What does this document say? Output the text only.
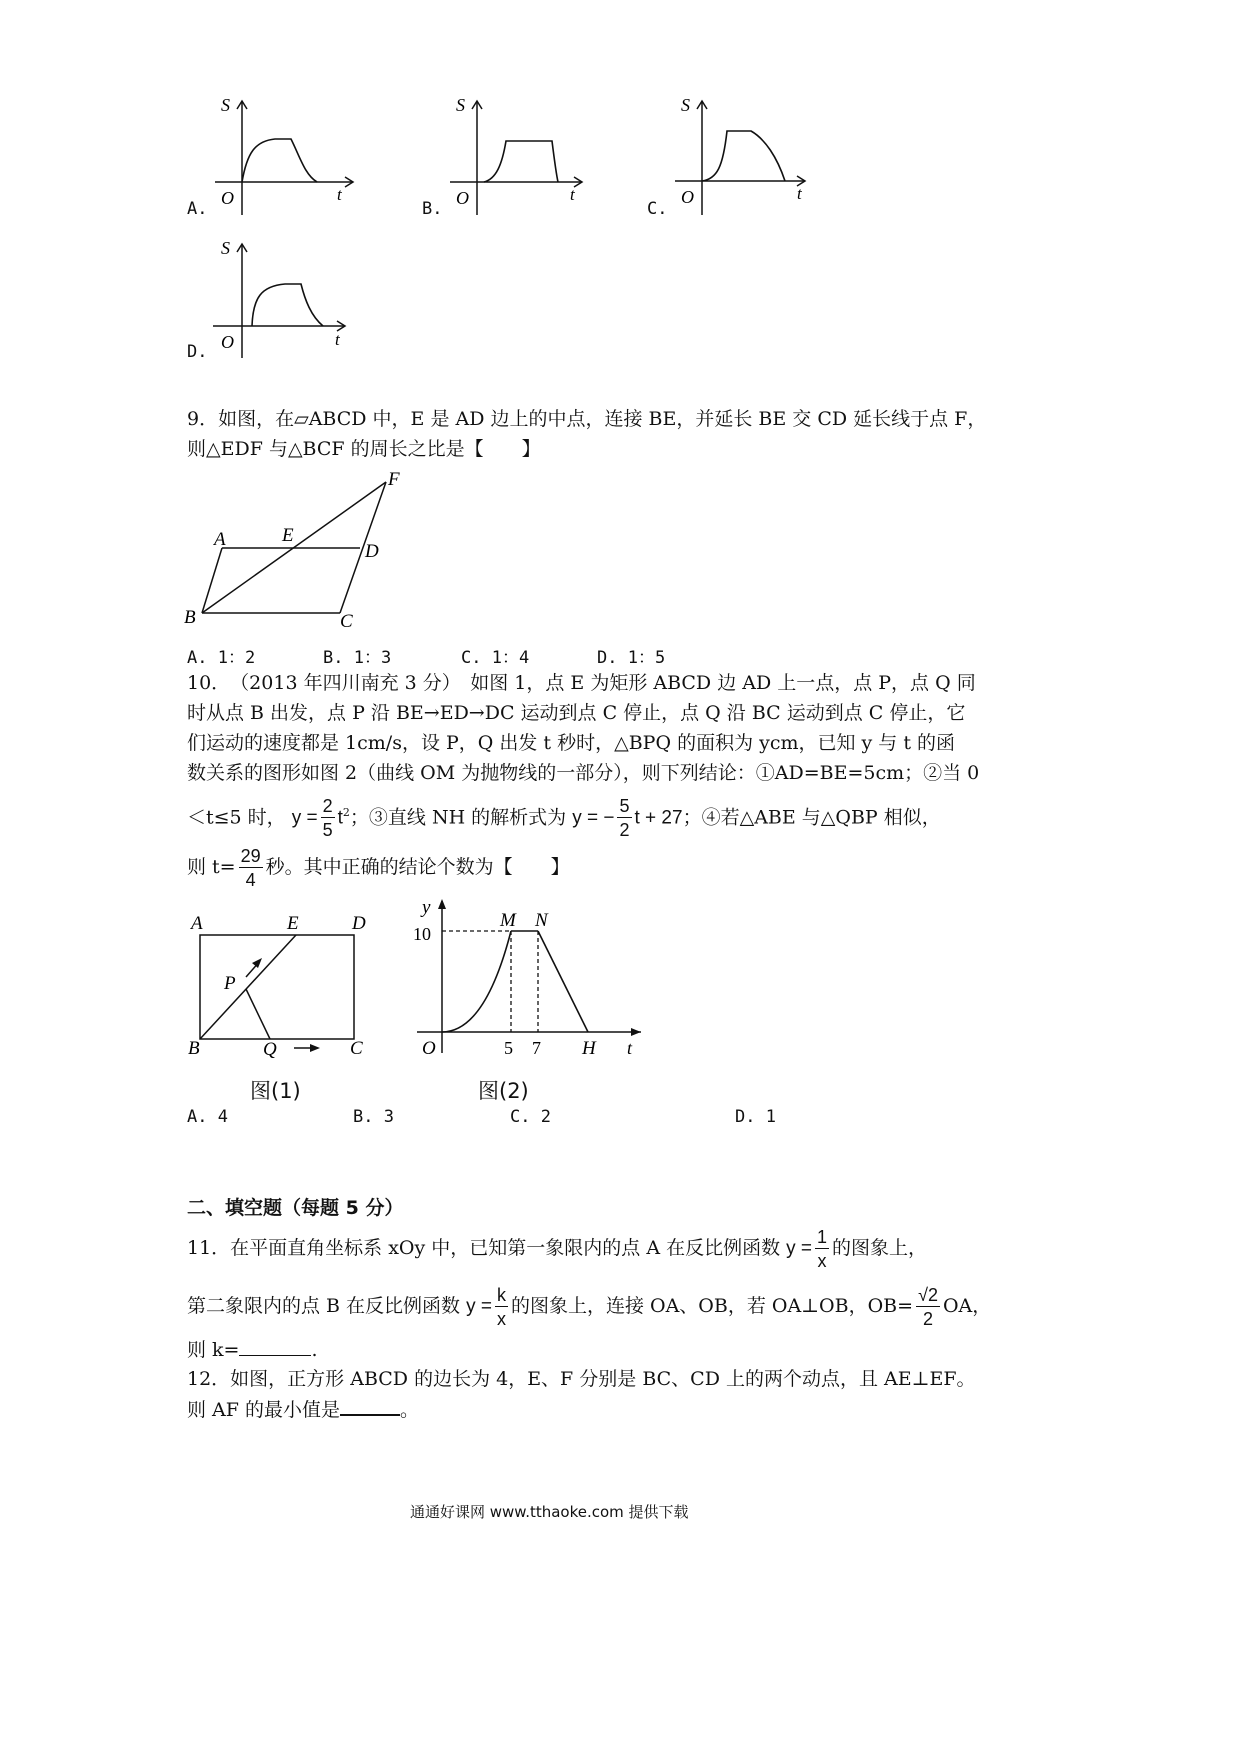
S
O	t
A.
S
O	t
B.
S
O	t
C.
S
O	t
D.
9．如图，在▱ABCD 中，E 是 AD 边上的中点，连接 BE，并延长 BE 交 CD 延长线于点 F，
则△EDF 与△BCF 的周长之比是【　　】
A	E
D
F
B	C
A. 1：2	B. 1：3	C. 1：4	D. 1：5
10．　（2013 年四川南充 3 分）　如图 1，点 E 为矩形 ABCD 边 AD 上一点，点 P，点 Q 同
时从点 B 出发，点 P 沿 BE→ED→DC 运动到点 C 停止，点 Q 沿 BC 运动到点 C 停止，它
们运动的速度都是 1cm/s，设 P，Q 出发 t 秒时，△BPQ 的面积为 ycm，已知 y 与 t 的函
数关系的图形如图 2（曲线 OM 为抛物线的一部分），则下列结论：①AD=BE=5cm；②当 0
＜t≤5 时， $y = \frac{2}{5} t^2$；③直线 NH 的解析式为 y = − $\frac{5}{2}$ t + 27；④若△ABE 与△QBP 相似，
则 $t= \frac{29}{4}$ 秒。其中正确的结论个数为【　　】
A	E	D
P
B	Q	C
图(1)
y
10
M N
O	5 7 H t
图(2)
A. 4	B. 3	C. 2	D. 1
二、填空题（每题 5 分）
11．在平面直角坐标系 xOy 中，已知第一象限内的点 A 在反比例函数 $y = \frac{1}{x}$ 的图象上，
第二象限内的点 B 在反比例函数 $y = \frac{k}{x}$ 的图象上，连接 OA、OB，若 OA⊥OB，$OB= \frac{√2}{2}$ OA，
则 k=	.
12．如图，正方形 ABCD 的边长为 4，E、F 分别是 BC、CD 上的两个动点，且 AE⊥EF。
则 AF 的最小值是	。
通通好课网 www.tthaoke.com 提供下载
